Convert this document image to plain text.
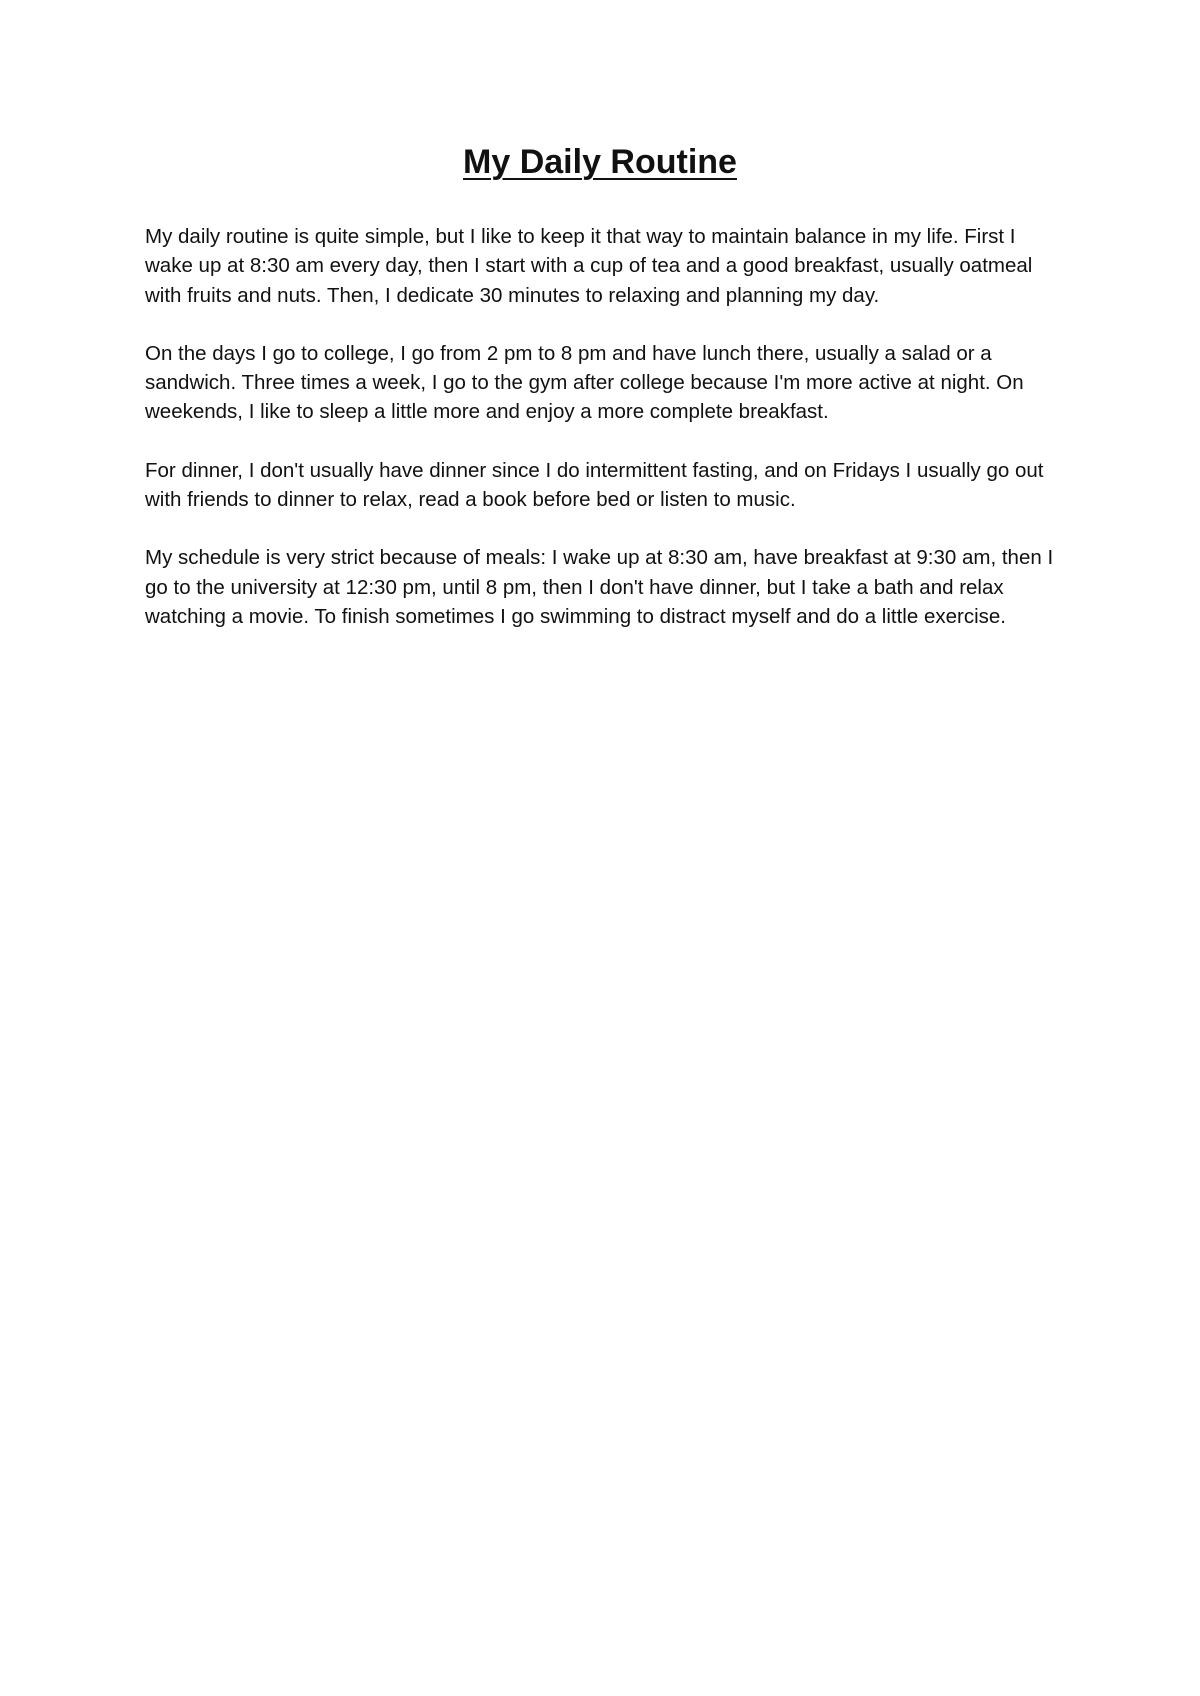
My Daily Routine

My daily routine is quite simple, but I like to keep it that way to maintain balance in my life. First I wake up at 8:30 am every day, then I start with a cup of tea and a good breakfast, usually oatmeal with fruits and nuts. Then, I dedicate 30 minutes to relaxing and planning my day.

On the days I go to college, I go from 2 pm to 8 pm and have lunch there, usually a salad or a sandwich. Three times a week, I go to the gym after college because I'm more active at night. On weekends, I like to sleep a little more and enjoy a more complete breakfast.

For dinner, I don't usually have dinner since I do intermittent fasting, and on Fridays I usually go out with friends to dinner to relax, read a book before bed or listen to music.

My schedule is very strict because of meals: I wake up at 8:30 am, have breakfast at 9:30 am, then I go to the university at 12:30 pm, until 8 pm, then I don't have dinner, but I take a bath and relax watching a movie. To finish sometimes I go swimming to distract myself and do a little exercise.
